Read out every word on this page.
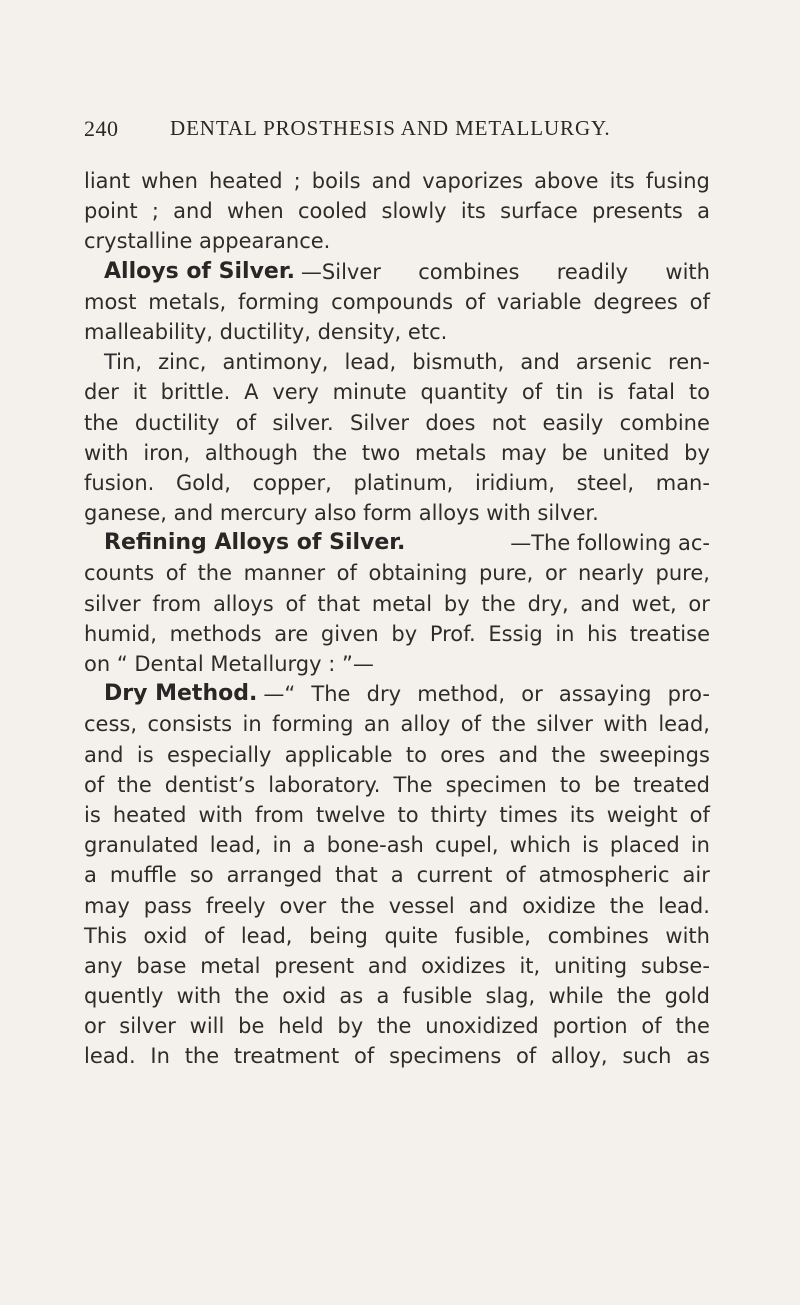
240 DENTAL PROSTHESIS AND METALLURGY.
liant when heated ; boils and vaporizes above its fusing
point ; and when cooled slowly its surface presents a
crystalline appearance.
Alloys of Silver. —Silver combines readily with
most metals, forming compounds of variable degrees of
malleability, ductility, density, etc.
Tin, zinc, antimony, lead, bismuth, and arsenic ren-
der it brittle. A very minute quantity of tin is fatal to
the ductility of silver. Silver does not easily combine
with iron, although the two metals may be united by
fusion. Gold, copper, platinum, iridium, steel, man-
ganese, and mercury also form alloys with silver.
Refining Alloys of Silver.	—The following ac-
counts of the manner of obtaining pure, or nearly pure,
silver from alloys of that metal by the dry, and wet, or
humid, methods are given by Prof. Essig in his treatise
on “ Dental Metallurgy : ”—
Dry Method. —“ The dry method, or assaying pro-
cess, consists in forming an alloy of the silver with lead,
and is especially applicable to ores and the sweepings
of the dentist’s laboratory. The specimen to be treated
is heated with from twelve to thirty times its weight of
granulated lead, in a bone-ash cupel, which is placed in
a muffle so arranged that a current of atmospheric air
may pass freely over the vessel and oxidize the lead.
This oxid of lead, being quite fusible, combines with
any base metal present and oxidizes it, uniting subse-
quently with the oxid as a fusible slag, while the gold
or silver will be held by the unoxidized portion of the
lead. In the treatment of specimens of alloy, such as
